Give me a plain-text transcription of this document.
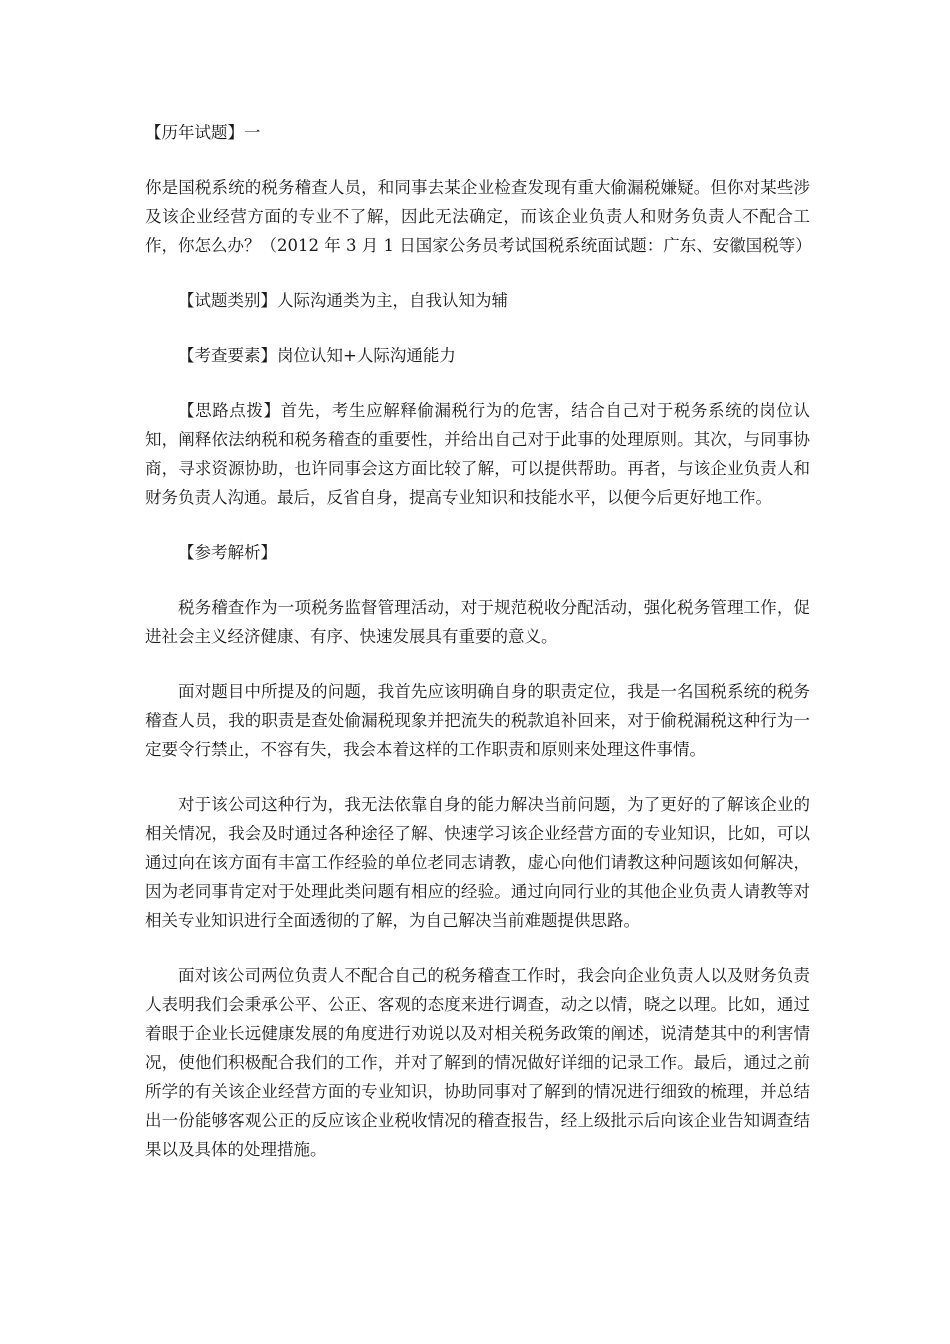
【历年试题】一

你是国税系统的税务稽查人员，和同事去某企业检查发现有重大偷漏税嫌疑。但你对某些涉及该企业经营方面的专业不了解，因此无法确定，而该企业负责人和财务负责人不配合工作，你怎么办？（2012 年 3 月 1 日国家公务员考试国税系统面试题：广东、安徽国税等）

【试题类别】人际沟通类为主，自我认知为辅

【考查要素】岗位认知+人际沟通能力

【思路点拨】首先，考生应解释偷漏税行为的危害，结合自己对于税务系统的岗位认知，阐释依法纳税和税务稽查的重要性，并给出自己对于此事的处理原则。其次，与同事协商，寻求资源协助，也许同事会这方面比较了解，可以提供帮助。再者，与该企业负责人和财务负责人沟通。最后，反省自身，提高专业知识和技能水平，以便今后更好地工作。

【参考解析】

税务稽查作为一项税务监督管理活动，对于规范税收分配活动，强化税务管理工作，促进社会主义经济健康、有序、快速发展具有重要的意义。

面对题目中所提及的问题，我首先应该明确自身的职责定位，我是一名国税系统的税务稽查人员，我的职责是查处偷漏税现象并把流失的税款追补回来，对于偷税漏税这种行为一定要令行禁止，不容有失，我会本着这样的工作职责和原则来处理这件事情。

对于该公司这种行为，我无法依靠自身的能力解决当前问题，为了更好的了解该企业的相关情况，我会及时通过各种途径了解、快速学习该企业经营方面的专业知识，比如，可以通过向在该方面有丰富工作经验的单位老同志请教，虚心向他们请教这种问题该如何解决，因为老同事肯定对于处理此类问题有相应的经验。通过向同行业的其他企业负责人请教等对相关专业知识进行全面透彻的了解，为自己解决当前难题提供思路。

面对该公司两位负责人不配合自己的税务稽查工作时，我会向企业负责人以及财务负责人表明我们会秉承公平、公正、客观的态度来进行调查，动之以情，晓之以理。比如，通过着眼于企业长远健康发展的角度进行劝说以及对相关税务政策的阐述，说清楚其中的利害情况，使他们积极配合我们的工作，并对了解到的情况做好详细的记录工作。最后，通过之前所学的有关该企业经营方面的专业知识，协助同事对了解到的情况进行细致的梳理，并总结出一份能够客观公正的反应该企业税收情况的稽查报告，经上级批示后向该企业告知调查结果以及具体的处理措施。
